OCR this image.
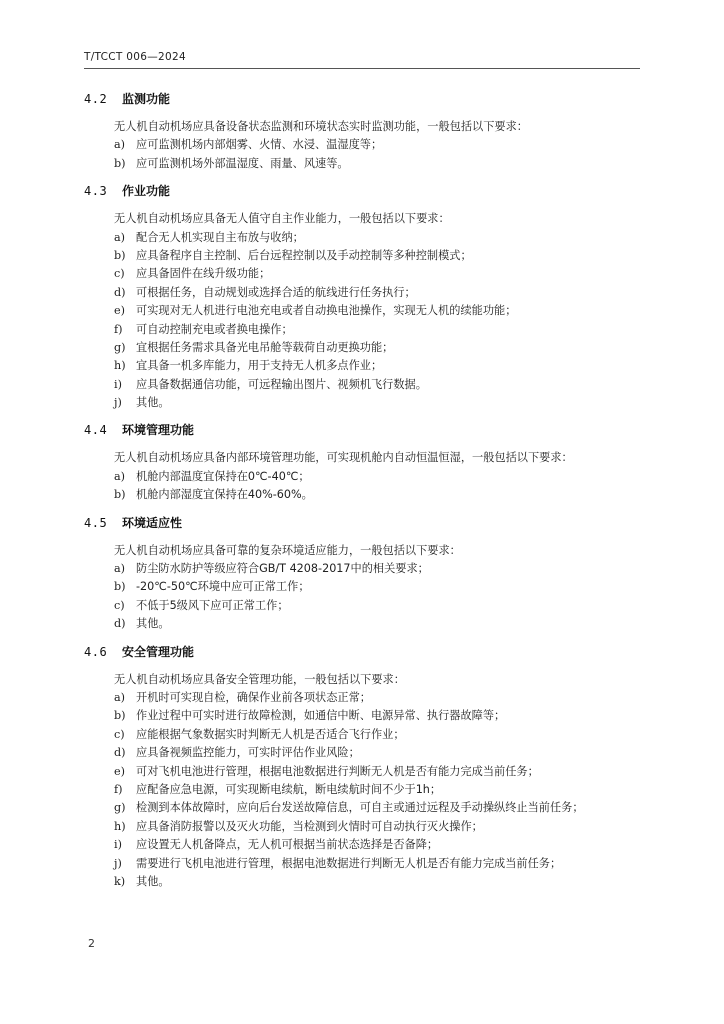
T/TCCT 006—2024
4.2	监测功能
无人机自动机场应具备设备状态监测和环境状态实时监测功能，一般包括以下要求：
a) 应可监测机场内部烟雾、火情、水浸、温湿度等；
b) 应可监测机场外部温湿度、雨量、风速等。
4.3	作业功能
无人机自动机场应具备无人值守自主作业能力，一般包括以下要求：
a) 配合无人机实现自主布放与收纳；
b) 应具备程序自主控制、后台远程控制以及手动控制等多种控制模式；
c)	应具备固件在线升级功能；
d) 可根据任务，自动规划或选择合适的航线进行任务执行；
e) 可实现对无人机进行电池充电或者自动换电池操作，实现无人机的续能功能；
f)	可自动控制充电或者换电操作；
g) 宜根据任务需求具备光电吊舱等载荷自动更换功能；
h) 宜具备一机多库能力，用于支持无人机多点作业；
i)	应具备数据通信功能，可远程输出图片、视频机飞行数据。
j)	其他。
4.4	环境管理功能
无人机自动机场应具备内部环境管理功能，可实现机舱内自动恒温恒湿，一般包括以下要求：
a) 机舱内部温度宜保持在0℃-40℃；
b) 机舱内部湿度宜保持在40%-60%。
4.5	环境适应性
无人机自动机场应具备可靠的复杂环境适应能力，一般包括以下要求：
a) 防尘防水防护等级应符合GB/T 4208-2017中的相关要求；
b) -20℃-50℃环境中应可正常工作；
c)	不低于5级风下应可正常工作；
d) 其他。
4.6	安全管理功能
无人机自动机场应具备安全管理功能，一般包括以下要求：
a) 开机时可实现自检，确保作业前各项状态正常；
b) 作业过程中可实时进行故障检测，如通信中断、电源异常、执行器故障等；
c)	应能根据气象数据实时判断无人机是否适合飞行作业；
d) 应具备视频监控能力，可实时评估作业风险；
e) 可对飞机电池进行管理，根据电池数据进行判断无人机是否有能力完成当前任务；
f)	应配备应急电源，可实现断电续航，断电续航时间不少于1h；
g) 检测到本体故障时，应向后台发送故障信息，可自主或通过远程及手动操纵终止当前任务；
h) 应具备消防报警以及灭火功能，当检测到火情时可自动执行灭火操作；
i)	应设置无人机备降点，无人机可根据当前状态选择是否备降；
j)	需要进行飞机电池进行管理，根据电池数据进行判断无人机是否有能力完成当前任务；
k) 其他。
2
